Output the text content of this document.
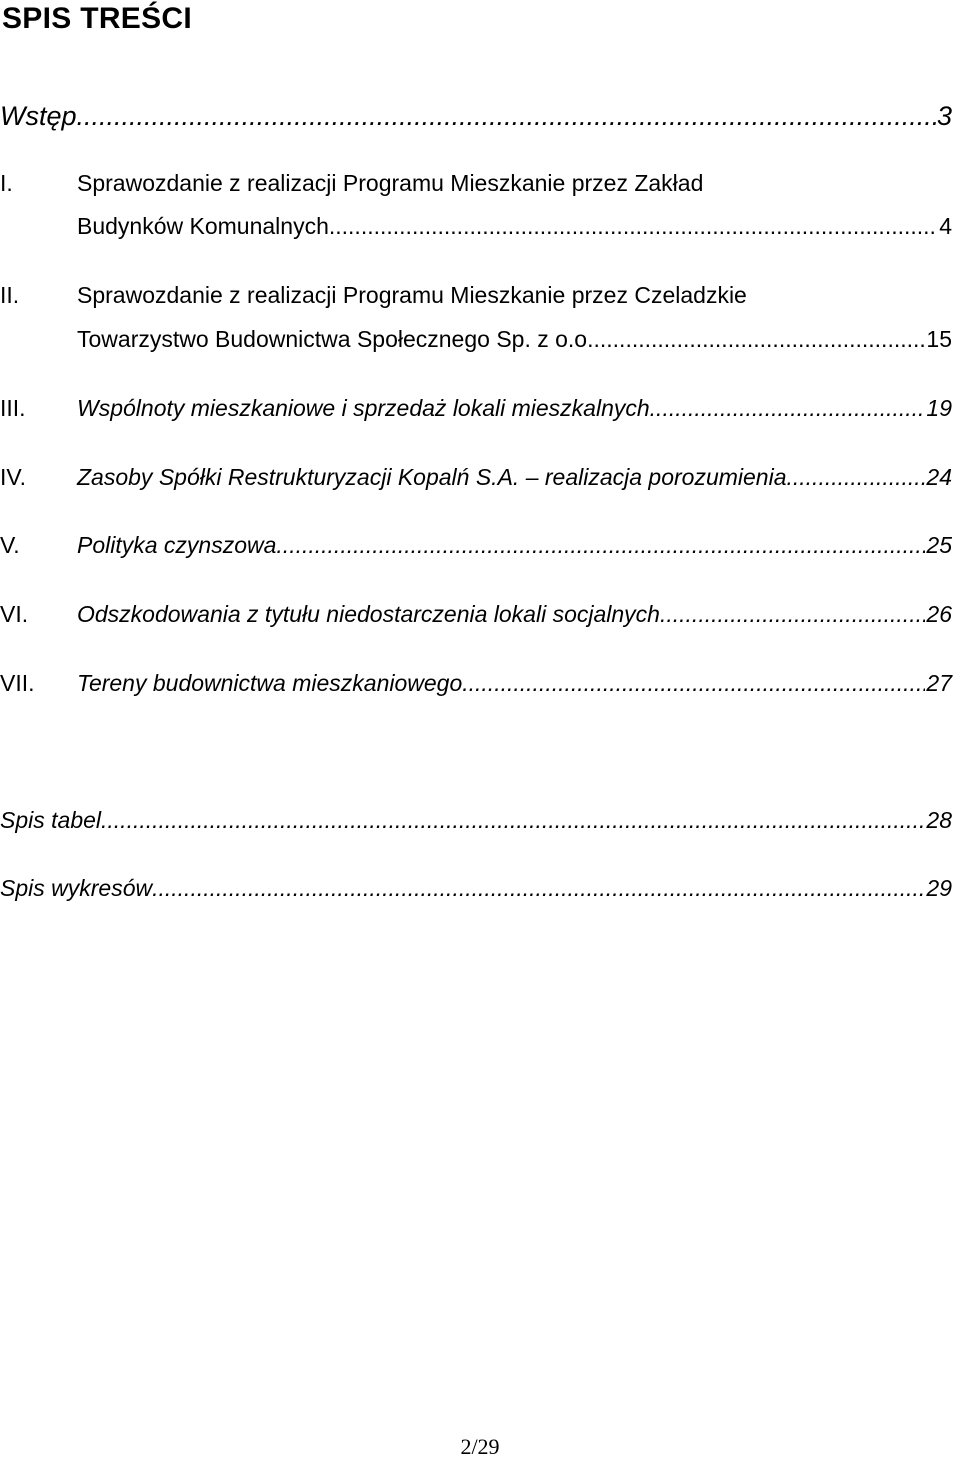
SPIS TREŚCI
Wstęp .....	3
I.	Sprawozdanie z realizacji Programu Mieszkanie przez Zakład
Budynków Komunalnych. .....	4
II.	Sprawozdanie z realizacji Programu Mieszkanie przez Czeladzkie
Towarzystwo Budownictwa Społecznego Sp. z o.o. .....	15
III. Wspólnoty mieszkaniowe i sprzedaż lokali mieszkalnych .....	19
IV. Zasoby Spółki Restrukturyzacji Kopalń S.A. – realizacja porozumienia .....	24
V. Polityka czynszowa .....	25
VI. Odszkodowania z tytułu niedostarczenia lokali socjalnych .....	26
VII. Tereny budownictwa mieszkaniowego .....	27
Spis tabel .....	28
Spis wykresów .....	29
2/29
